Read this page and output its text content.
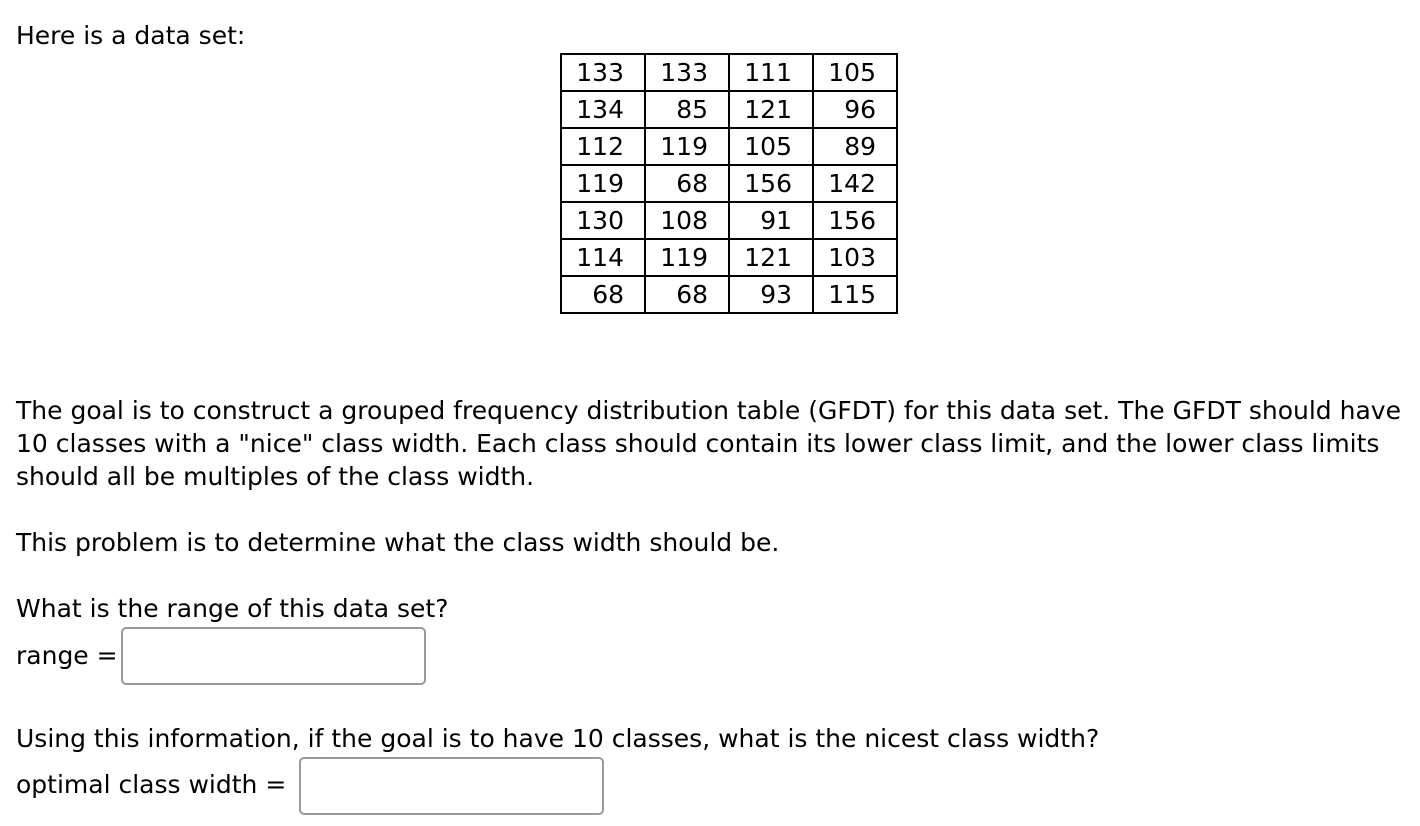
Here is a data set:

133	133	111	105
134	85	121	96
112	119	105	89
119	68	156	142
130	108	91	156
114	119	121	103
68	68	93	115

The goal is to construct a grouped frequency distribution table (GFDT) for this data set. The GFDT should have 10 classes with a "nice" class width. Each class should contain its lower class limit, and the lower class limits should all be multiples of the class width.

This problem is to determine what the class width should be.

What is the range of this data set?

range =

Using this information, if the goal is to have 10 classes, what is the nicest class width?

optimal class width =
